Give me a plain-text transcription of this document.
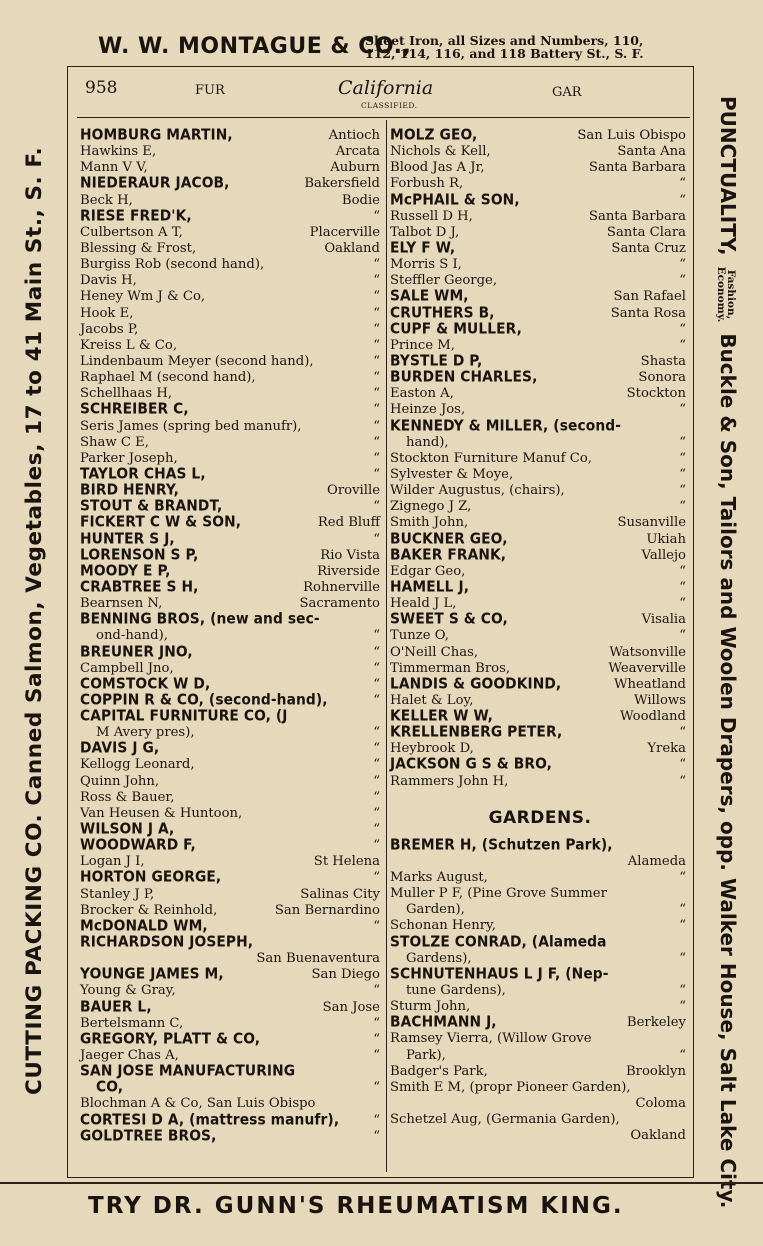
W. W. MONTAGUE & CO.,
Sheet Iron, all Sizes and Numbers, 110,
112, 114, 116, and 118 Battery St., S. F.
CUTTING PACKING CO. Canned Salmon, Vegetables, 17 to 41 Main St., S. F.	PUNCTUALITY, Fashion,
Economy. Buckle & Son, Tailors and Woolen Drapers, opp. Walker House, Salt Lake City.
958	FUR	California
CLASSIFIED.
GAR
HOMBURG MARTIN,	Antioch
Hawkins E,	Arcata
Mann V V,	Auburn
NIEDERAUR JACOB,	Bakersfield
Beck H,	Bodie
RIESE FRED'K,	“
Culbertson A T,	Placerville
Blessing & Frost,	Oakland
Burgiss Rob (second hand),	“
Davis H,	“
Heney Wm J & Co,	“
Hook E,	“
Jacobs P,	“
Kreiss L & Co,	“
Lindenbaum Meyer (second hand),	“
Raphael M (second hand),	“
Schellhaas H,	“
SCHREIBER C,	“
Seris James (spring bed manufr),	“
Shaw C E,	“
Parker Joseph,	“
TAYLOR CHAS L,	“
BIRD HENRY,	Oroville
STOUT & BRANDT,	“
FICKERT C W & SON,	Red Bluff
HUNTER S J,	“
LORENSON S P,	Rio Vista
MOODY E P,	Riverside
CRABTREE S H,	Rohnerville
Bearnsen N,	Sacramento
BENNING BROS, (new and sec-
ond-hand),	“
BREUNER JNO,	“
Campbell Jno,	“
COMSTOCK W D,	“
COPPIN R & CO, (second-hand),	“
CAPITAL FURNITURE CO, (J
M Avery pres),	“
DAVIS J G,	“
Kellogg Leonard,	“
Quinn John,	“
Ross & Bauer,	“
Van Heusen & Huntoon,	“
WILSON J A,	“
WOODWARD F,	“
Logan J I,	St Helena
HORTON GEORGE,	“
Stanley J P,	Salinas City
Brocker & Reinhold,	San Bernardino
McDONALD WM,	“
RICHARDSON JOSEPH,
San Buenaventura
YOUNGE JAMES M,	San Diego
Young & Gray,	“
BAUER L,	San Jose
Bertelsmann C,	“
GREGORY, PLATT & CO,	“
Jaeger Chas A,	“
SAN JOSE MANUFACTURING
CO,	“
Blochman A & Co, San Luis Obispo
CORTESI D A, (mattress manufr),	“
GOLDTREE BROS,	“
MOLZ GEO,	San Luis Obispo
Nichols & Kell,	Santa Ana
Blood Jas A Jr,	Santa Barbara
Forbush R,	“
McPHAIL & SON,	“
Russell D H,	Santa Barbara
Talbot D J,	Santa Clara
ELY F W,	Santa Cruz
Morris S I,	“
Steffler George,	“
SALE WM,	San Rafael
CRUTHERS B,	Santa Rosa
CUPF & MULLER,	“
Prince M,	“
BYSTLE D P,	Shasta
BURDEN CHARLES,	Sonora
Easton A,	Stockton
Heinze Jos,	“
KENNEDY & MILLER, (second-
hand),	“
Stockton Furniture Manuf Co,	“
Sylvester & Moye,	“
Wilder Augustus, (chairs),	“
Zignego J Z,	“
Smith John,	Susanville
BUCKNER GEO,	Ukiah
BAKER FRANK,	Vallejo
Edgar Geo,	“
HAMELL J,	“
Heald J L,	“
SWEET S & CO,	Visalia
Tunze O,	“
O'Neill Chas,	Watsonville
Timmerman Bros,	Weaverville
LANDIS & GOODKIND,	Wheatland
Halet & Loy,	Willows
KELLER W W,	Woodland
KRELLENBERG PETER,	“
Heybrook D,	Yreka
JACKSON G S & BRO,	“
Rammers John H,	“
GARDENS.
BREMER H, (Schutzen Park),
Alameda
Marks August,	“
Muller P F, (Pine Grove Summer
Garden),	“
Schonan Henry,	“
STOLZE CONRAD, (Alameda
Gardens),	“
SCHNUTENHAUS L J F, (Nep-
tune Gardens),	“
Sturm John,	“
BACHMANN J,	Berkeley
Ramsey Vierra, (Willow Grove
Park),	“
Badger's Park,	Brooklyn
Smith E M, (propr Pioneer Garden),
Coloma
Schetzel Aug, (Germania Garden),
Oakland
TRY DR. GUNN'S RHEUMATISM KING.
